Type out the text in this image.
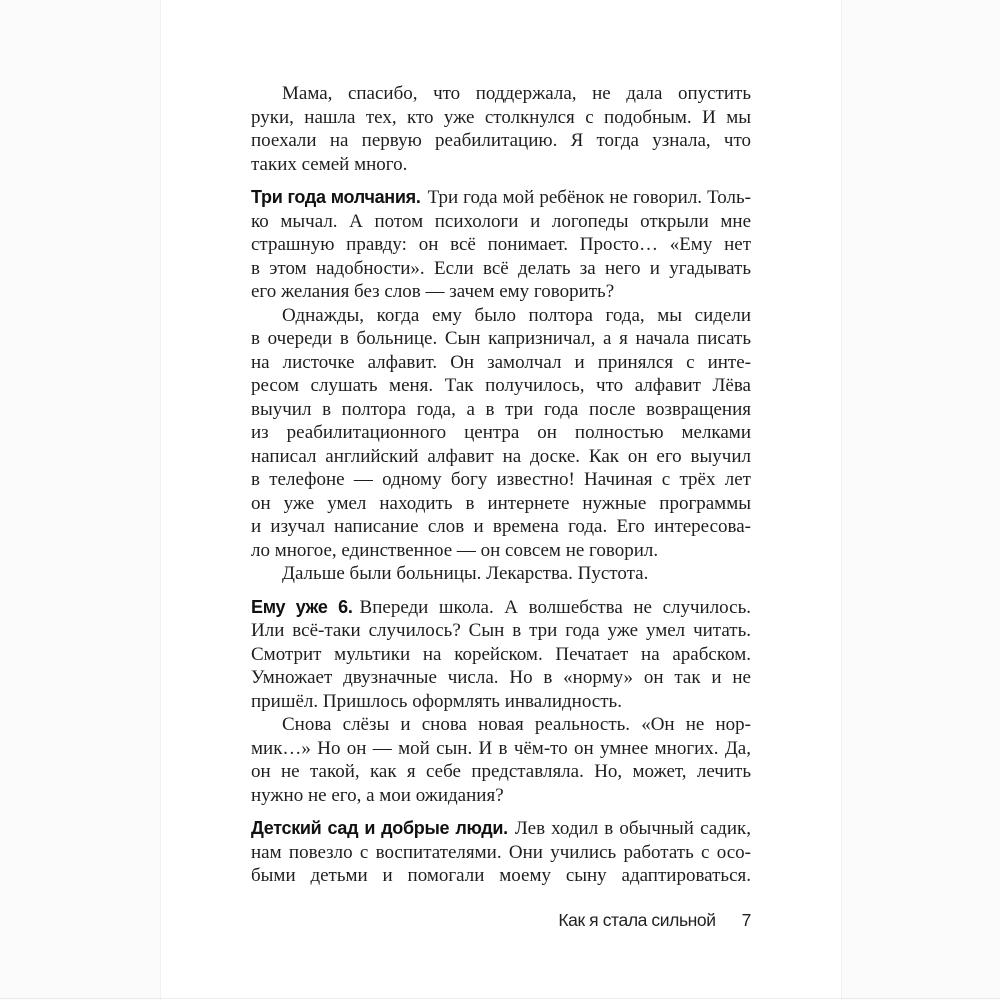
Мама, спасибо, что поддержала, не дала опустить
руки, нашла тех, кто уже столкнулся с подобным. И мы
поехали на первую реабилитацию. Я тогда узнала, что
таких семей много.
Три года молчания. Три года мой ребёнок не говорил. Толь-
ко мычал. А потом психологи и логопеды открыли мне
страшную правду: он всё понимает. Просто… «Ему нет
в этом надобности». Если всё делать за него и угадывать
его желания без слов — зачем ему говорить?
Однажды, когда ему было полтора года, мы сидели
в очереди в больнице. Сын капризничал, а я начала писать
на листочке алфавит. Он замолчал и принялся с инте-
ресом слушать меня. Так получилось, что алфавит Лёва
выучил в полтора года, а в три года после возвращения
из реабилитационного центра он полностью мелками
написал английский алфавит на доске. Как он его выучил
в телефоне — одному богу известно! Начиная с трёх лет
он уже умел находить в интернете нужные программы
и изучал написание слов и времена года. Его интересова-
ло многое, единственное — он совсем не говорил.
Дальше были больницы. Лекарства. Пустота.
Ему уже 6. Впереди школа. А волшебства не случилось.
Или всё-таки случилось? Сын в три года уже умел читать.
Смотрит мультики на корейском. Печатает на арабском.
Умножает двузначные числа. Но в «норму» он так и не
пришёл. Пришлось оформлять инвалидность.
Снова слёзы и снова новая реальность. «Он не нор-
мик…» Но он — мой сын. И в чём-то он умнее многих. Да,
он не такой, как я себе представляла. Но, может, лечить
нужно не его, а мои ожидания?
Детский сад и добрые люди. Лев ходил в обычный садик,
нам повезло с воспитателями. Они учились работать с осо-
быми детьми и помогали моему сыну адаптироваться.
Как я стала сильной 7
